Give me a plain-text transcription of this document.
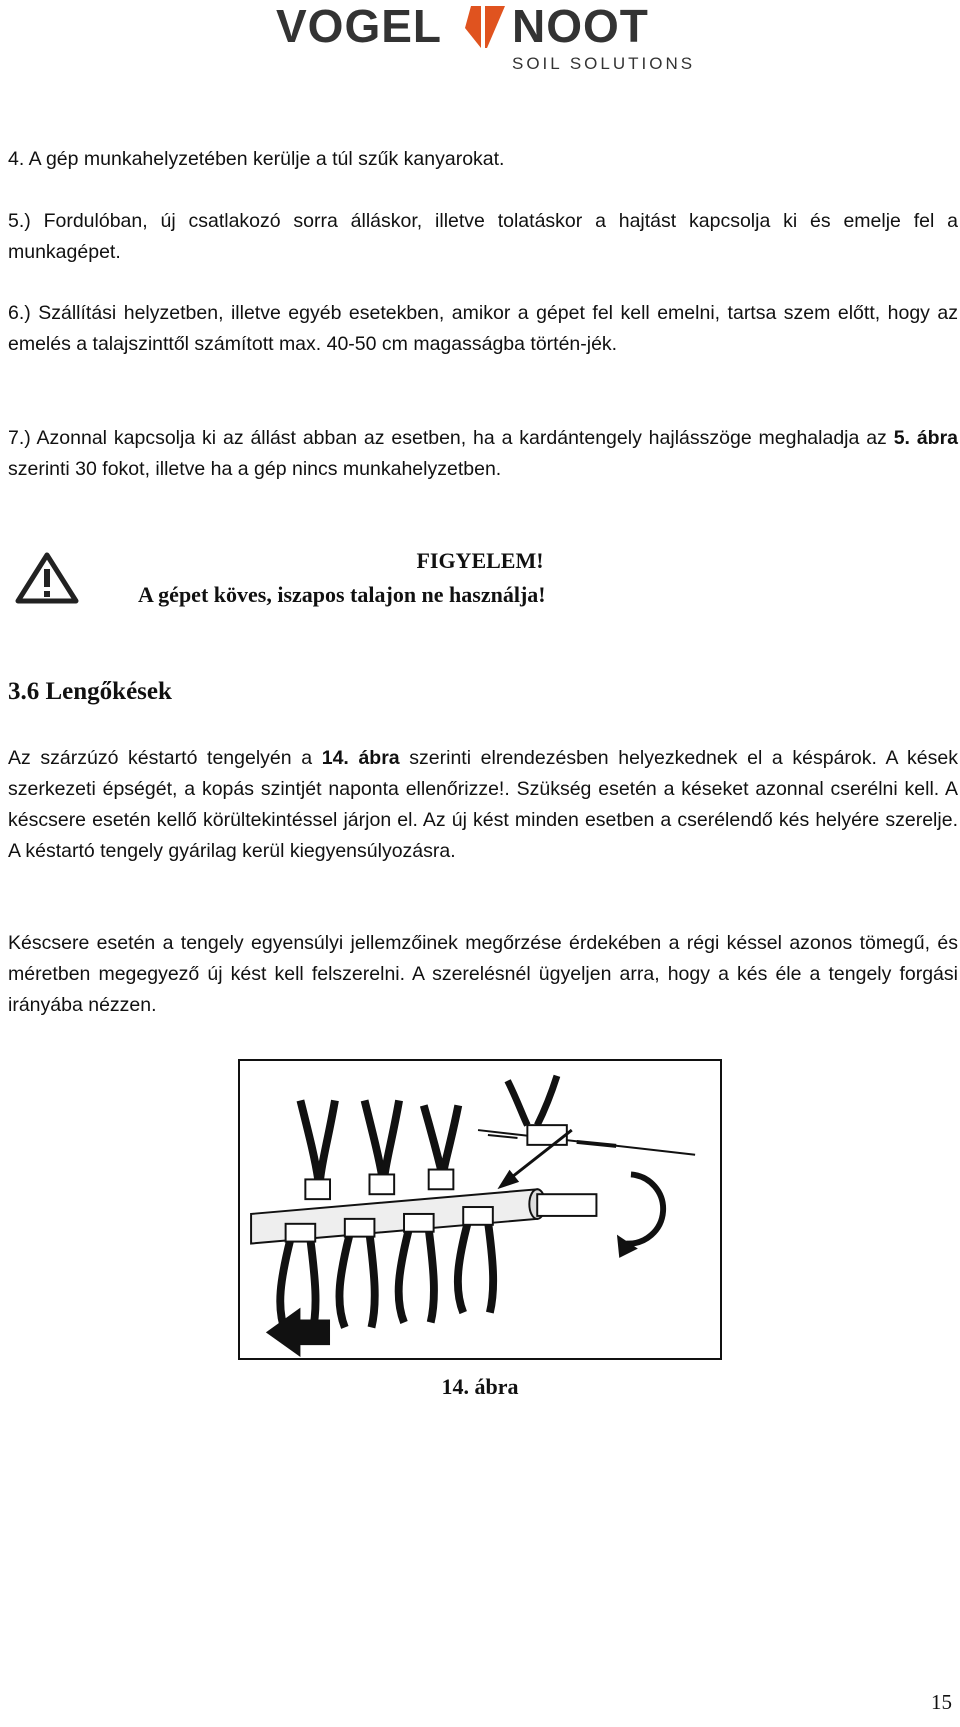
VOGEL NOOT
SOIL SOLUTIONS

4. A gép munkahelyzetében kerülje a túl szűk kanyarokat.

5.) Fordulóban, új csatlakozó sorra álláskor, illetve tolatáskor a hajtást kapcsolja ki és emelje fel a munkagépet.

6.) Szállítási helyzetben, illetve egyéb esetekben, amikor a gépet fel kell emelni, tartsa szem előtt, hogy az emelés a talajszinttől számított max. 40-50 cm magasságba történ-jék.

7.) Azonnal kapcsolja ki az állást abban az esetben, ha a kardántengely hajlásszöge meghaladja az 5. ábra szerinti 30 fokot, illetve ha a gép nincs munkahelyzetben.

FIGYELEM!

A gépet köves, iszapos talajon ne használja!

3.6 Lengőkések

Az szárzúzó késtartó tengelyén a 14. ábra szerinti elrendezésben helyezkednek el a késpárok. A kések szerkezeti épségét, a kopás szintjét naponta ellenőrizze!. Szükség esetén a késeket azonnal cserélni kell. A késcsere esetén kellő körültekintéssel járjon el. Az új kést minden esetben a cserélendő kés helyére szerelje. A késtartó tengely gyárilag kerül kiegyensúlyozásra.

Késcsere esetén a tengely egyensúlyi jellemzőinek megőrzése érdekében a régi késsel azonos tömegű, és méretben megegyező új kést kell felszerelni. A szerelésnél ügyeljen arra, hogy a kés éle a tengely forgási irányába nézzen.

14. ábra

15
